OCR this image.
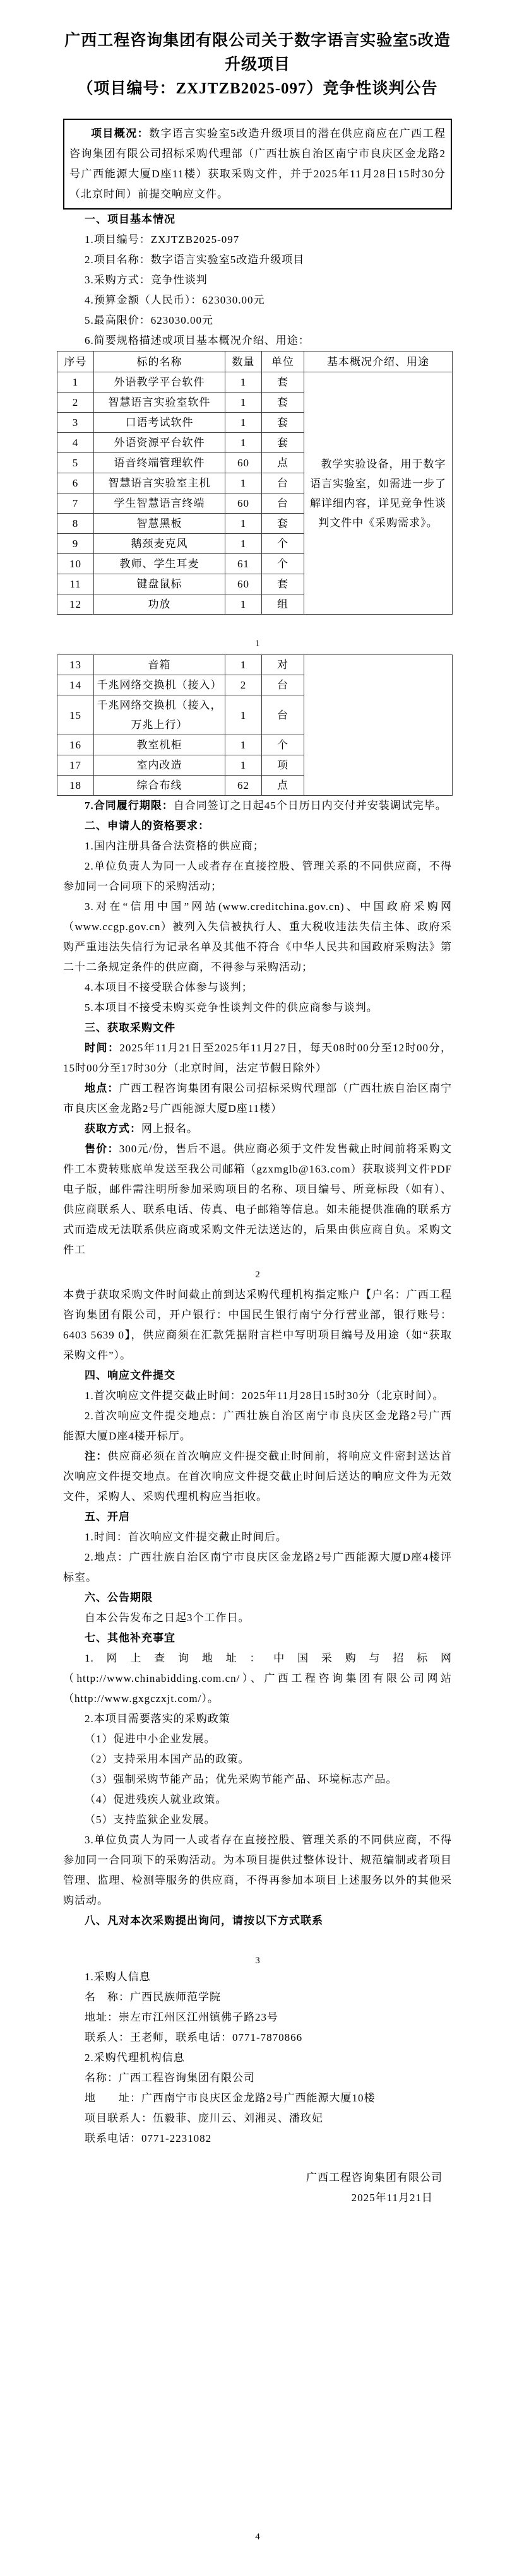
广西工程咨询集团有限公司关于数字语言实验室5改造升级项目
（项目编号：ZXJTZB2025-097）竞争性谈判公告

项目概况：数字语言实验室5改造升级项目的潜在供应商应在广西工程咨询集团有限公司招标采购代理部（广西壮族自治区南宁市良庆区金龙路2号广西能源大厦D座11楼）获取采购文件，并于2025年11月28日15时30分（北京时间）前提交响应文件。

一、项目基本情况

1.项目编号：ZXJTZB2025-097

2.项目名称：数字语言实验室5改造升级项目

3.采购方式：竞争性谈判

4.预算金额（人民币）：623030.00元

5.最高限价：623030.00元

6.简要规格描述或项目基本概况介绍、用途：

序号	标的名称	数量	单位	基本概况介绍、用途
1	外语教学平台软件	1	套	教学实验设备，用于数字语言实验室，如需进一步了解详细内容，详见竞争性谈判文件中《采购需求》。

2	智慧语言实验室软件	1	套	
3	口语考试软件	1	套	
4	外语资源平台软件	1	套	
5	语音终端管理软件	60	点	
6	智慧语言实验室主机	1	台	
7	学生智慧语言终端	60	台	
8	智慧黑板	1	套	
9	鹅颈麦克风	1	个	
10	教师、学生耳麦	61	个	
11	键盘鼠标	60	套	
12	功放	1	组	
1
13	音箱	1	对	
14	千兆网络交换机（接入）	2	台	
15	千兆网络交换机（接入，万兆上行）	1	台	
16	教室机柜	1	个	
17	室内改造	1	项	
18	综合布线	62	点	

7.合同履行期限：自合同签订之日起45个日历日内交付并安装调试完毕。

二、申请人的资格要求：

1.国内注册具备合法资格的供应商；

2.单位负责人为同一人或者存在直接控股、管理关系的不同供应商，不得参加同一合同项下的采购活动；

3.对在“信用中国”网站(www.creditchina.gov.cn)、中国政府采购网（www.ccgp.gov.cn）被列入失信被执行人、重大税收违法失信主体、政府采购严重违法失信行为记录名单及其他不符合《中华人民共和国政府采购法》第二十二条规定条件的供应商，不得参与采购活动；

4.本项目不接受联合体参与谈判；

5.本项目不接受未购买竞争性谈判文件的供应商参与谈判。

三、获取采购文件

时间：2025年11月21日至2025年11月27日，每天08时00分至12时00分，15时00分至17时30分（北京时间，法定节假日除外）

地点：广西工程咨询集团有限公司招标采购代理部（广西壮族自治区南宁市良庆区金龙路2号广西能源大厦D座11楼）

获取方式：网上报名。

售价：300元/份，售后不退。供应商必须于文件发售截止时间前将采购文件工本费转账底单发送至我公司邮箱（gzxmglb@163.com）获取谈判文件PDF电子版，邮件需注明所参加采购项目的名称、项目编号、所竞标段（如有）、供应商联系人、联系电话、传真、电子邮箱等信息。如未能提供准确的联系方式而造成无法联系供应商或采购文件无法送达的，后果由供应商自负。采购文件工

2

本费于获取采购文件时间截止前到达采购代理机构指定账户【户名：广西工程咨询集团有限公司，开户银行：中国民生银行南宁分行营业部，银行账号：6403 5639 0】，供应商须在汇款凭据附言栏中写明项目编号及用途（如“获取采购文件”）。

四、响应文件提交

1.首次响应文件提交截止时间：2025年11月28日15时30分（北京时间）。

2.首次响应文件提交地点：广西壮族自治区南宁市良庆区金龙路2号广西能源大厦D座4楼开标厅。

注：供应商必须在首次响应文件提交截止时间前，将响应文件密封送达首次响应文件提交地点。在首次响应文件提交截止时间后送达的响应文件为无效文件，采购人、采购代理机构应当拒收。

五、开启

1.时间：首次响应文件提交截止时间后。

2.地点：广西壮族自治区南宁市良庆区金龙路2号广西能源大厦D座4楼评标室。

六、公告期限

自本公告发布之日起3个工作日。

七、其他补充事宜

1.网上查询地址：中国采购与招标网（http://www.chinabidding.com.cn/）、广西工程咨询集团有限公司网站（http://www.gxgczxjt.com/）。

2.本项目需要落实的采购政策

（1）促进中小企业发展。

（2）支持采用本国产品的政策。

（3）强制采购节能产品；优先采购节能产品、环境标志产品。

（4）促进残疾人就业政策。

（5）支持监狱企业发展。

3.单位负责人为同一人或者存在直接控股、管理关系的不同供应商，不得参加同一合同项下的采购活动。为本项目提供过整体设计、规范编制或者项目管理、监理、检测等服务的供应商，不得再参加本项目上述服务以外的其他采购活动。

八、凡对本次采购提出询问，请按以下方式联系

3

1.采购人信息

名　称：广西民族师范学院

地址：崇左市江州区江州镇佛子路23号

联系人：王老师，联系电话：0771-7870866

2.采购代理机构信息

名称：广西工程咨询集团有限公司

地　　址：广西南宁市良庆区金龙路2号广西能源大厦10楼

项目联系人：伍毅菲、庞川云、刘湘灵、潘玫妃

联系电话：0771-2231082

广西工程咨询集团有限公司

2025年11月21日

4
